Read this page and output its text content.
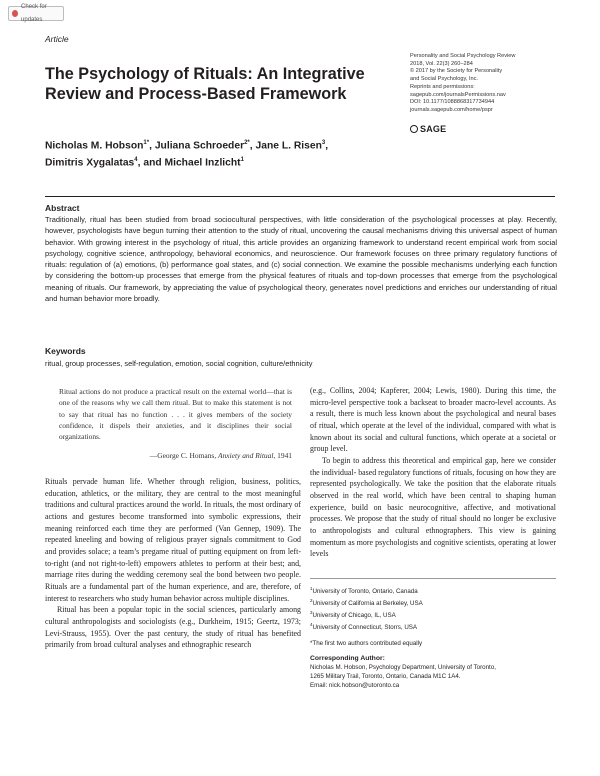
Check for updates
Article
Personality and Social Psychology Review
2018, Vol. 22(3) 260–284
© 2017 by the Society for Personality
and Social Psychology, Inc.
Reprints and permissions:
sagepub.com/journalsPermissions.nav
DOI: 10.1177/1088868317734944
journals.sagepub.com/home/pspr
SAGE
The Psychology of Rituals: An Integrative
Review and Process-Based Framework
Nicholas M. Hobson$^{1*}$, Juliana Schroeder$^{2*}$, Jane L. Risen$^3$,
Dimitris Xygalatas$^4$, and Michael Inzlicht$^1$
Abstract
Traditionally, ritual has been studied from broad sociocultural perspectives, with little consideration of the psychological processes at play. Recently, however, psychologists have begun turning their attention to the study of ritual, uncovering the causal mechanisms driving this universal aspect of human behavior. With growing interest in the psychology of ritual, this article provides an organizing framework to understand recent empirical work from social psychology, cognitive science, anthropology, behavioral economics, and neuroscience. Our framework focuses on three primary regulatory functions of rituals: regulation of (a) emotions, (b) performance goal states, and (c) social connection. We examine the possible mechanisms underlying each function by considering the bottom-up processes that emerge from the physical features of rituals and top-down processes that emerge from the psychological meaning of rituals. Our framework, by appreciating the value of psychological theory, generates novel predictions and enriches our understanding of ritual and human behavior more broadly.
Keywords
ritual, group processes, self-regulation, emotion, social cognition, culture/ethnicity
Ritual actions do not produce a practical result on the external world—that is one of the reasons why we call them ritual. But to make this statement is not to say that ritual has no function . . . it gives members of the society confidence, it dispels their anxieties, and it disciplines their social organizations.
—George C. Homans, Anxiety and Ritual, 1941

Rituals pervade human life. Whether through religion, business, politics, education, athletics, or the military, they are central to the most meaningful traditions and cultural practices around the world. In rituals, the most ordinary of actions and gestures become transformed into symbolic expressions, their meaning reinforced each time they are performed (Van Gennep, 1909). The repeated kneeling and bowing of religious prayer signals commitment to God and provides solace; a team’s pregame ritual of putting equipment on from left-to-right (and not right-to-left) empowers athletes to perform at their best; and, marriage rites during the wedding ceremony seal the bond between two people. Rituals are a fundamental part of the human experience, and are, therefore, of interest to researchers who study human behavior across multiple disciplines.

Ritual has been a popular topic in the social sciences, particularly among cultural anthropologists and sociologists (e.g., Durkheim, 1915; Geertz, 1973; Levi-Strauss, 1955). Over the past century, the study of ritual has benefited primarily from broad cultural analyses and ethnographic research

(e.g., Collins, 2004; Kapferer, 2004; Lewis, 1980). During this time, the micro-level perspective took a backseat to broader macro-level accounts. As a result, there is much less known about the psychological and neural bases of ritual, which operate at the level of the individual, compared with what is known about its social and cultural functions, which operate at a societal or group level.

To begin to address this theoretical and empirical gap, here we consider the individual- based regulatory functions of rituals, focusing on how they are represented psychologically. We take the position that the elaborate rituals observed in the real world, which have been central to shaping human experience, build on basic neurocognitive, affective, and motivational processes. We propose that the study of ritual should no longer be exclusive to anthropologists and cultural ethnographers. This view is gaining momentum as more psychologists and cognitive scientists, operating at lower levels

$^1$University of Toronto, Ontario, Canada
$^2$University of California at Berkeley, USA
$^3$University of Chicago, IL, USA
$^4$University of Connecticut, Storrs, USA
*The first two authors contributed equally
Corresponding Author:
Nicholas M. Hobson, Psychology Department, University of Toronto,
1265 Military Trail, Toronto, Ontario, Canada M1C 1A4.
Email: nick.hobson@utoronto.ca
